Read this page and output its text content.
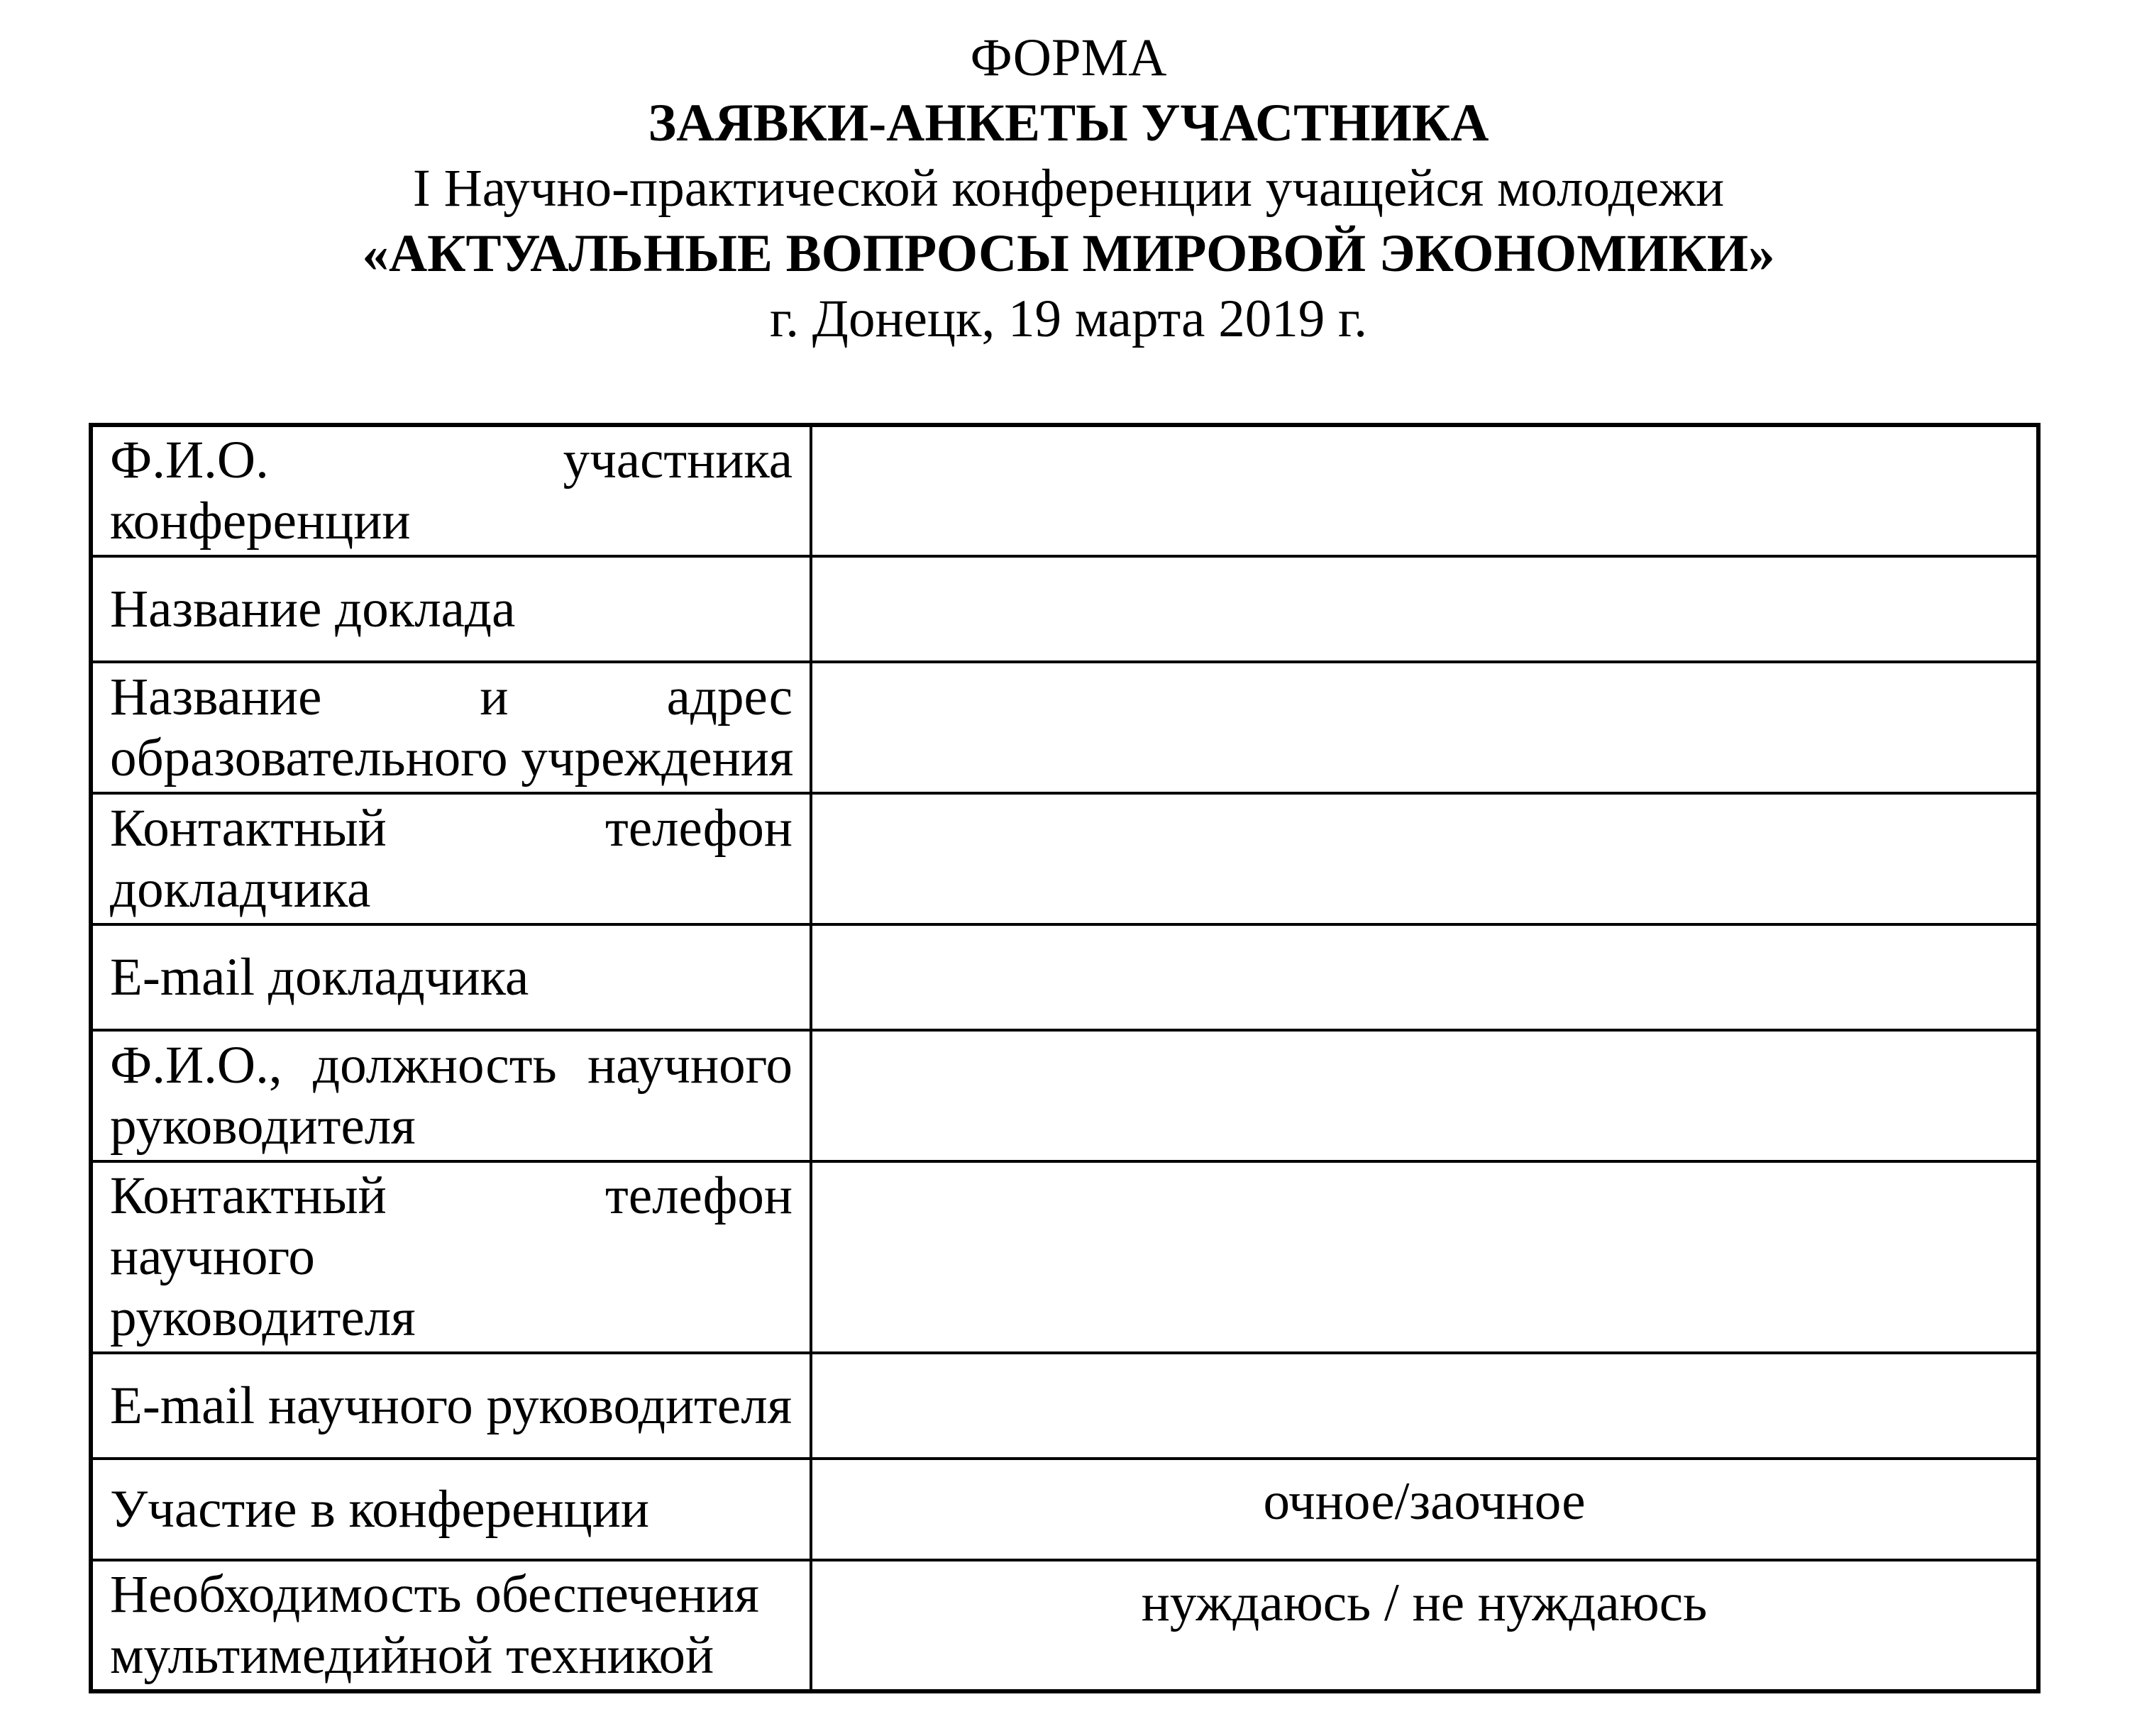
ФОРМА

ЗАЯВКИ-АНКЕТЫ УЧАСТНИКА

I Научно-практической конференции учащейся молодежи

«АКТУАЛЬНЫЕ ВОПРОСЫ МИРОВОЙ ЭКОНОМИКИ»

г. Донецк, 19 марта 2019 г.

Ф.И.О. участника
конференции	

Название доклада	

Название и адрес
образовательного учреждения	

Контактный телефон
докладчика	

E-mail докладчика	

Ф.И.О., должность научного
руководителя	

Контактный телефон научного
руководителя	

E-mail научного руководителя	

Участие в конференции	очное/заочное

Необходимость обеспечения
мультимедийной техникой	нуждаюсь / не нуждаюсь
